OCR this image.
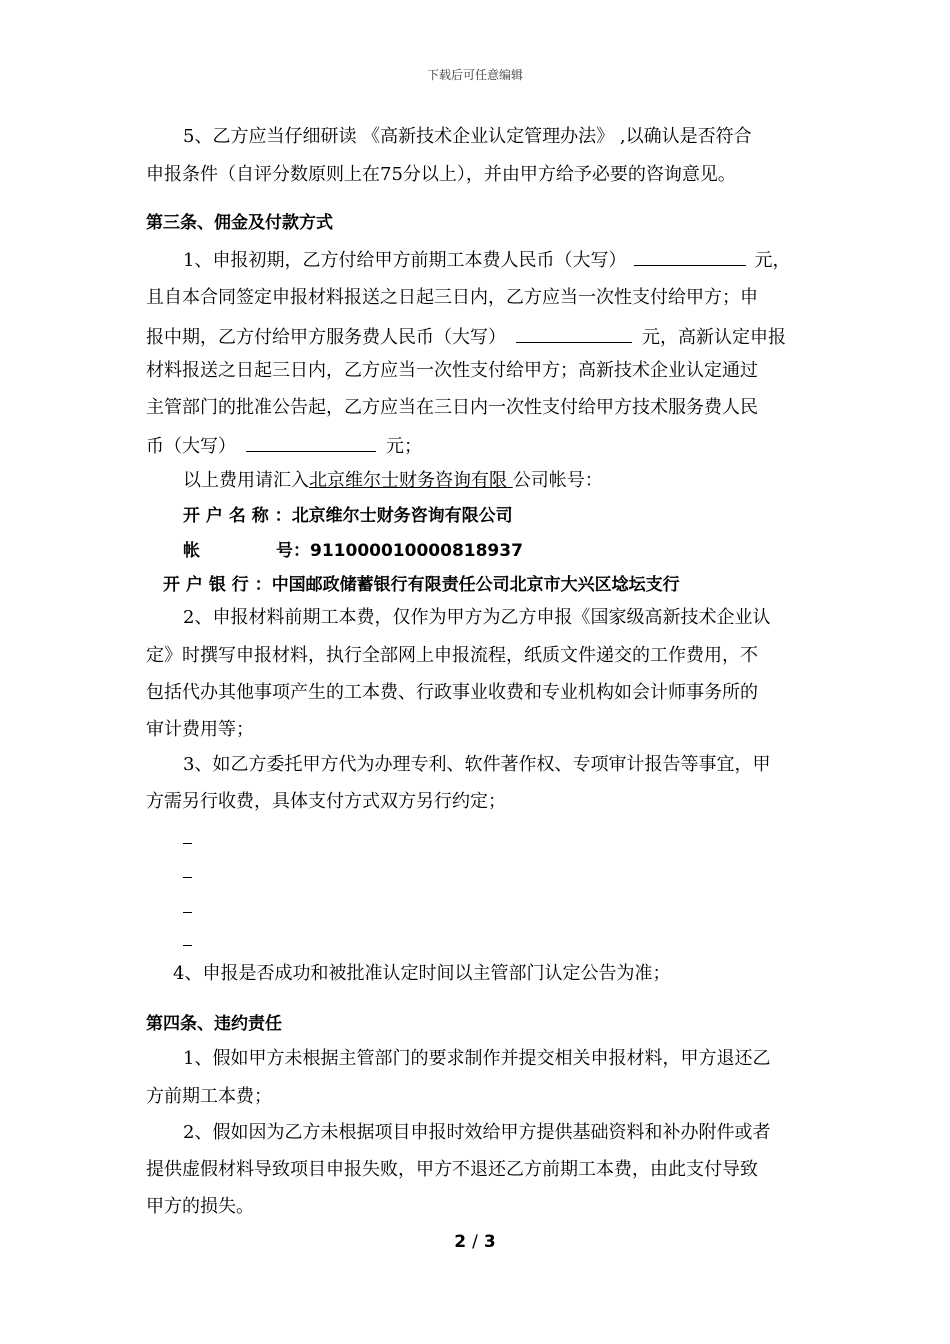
下载后可任意编辑
5、乙方应当仔细研读 《高新技术企业认定管理办法》 ,以确认是否符合
申报条件（自评分数原则上在75分以上），并由甲方给予必要的咨询意见。
第三条、佣金及付款方式
1、申报初期，乙方付给甲方前期工本费人民币（大写）	元，
且自本合同签定申报材料报送之日起三日内，乙方应当一次性支付给甲方；申
报中期，乙方付给甲方服务费人民币（大写）	元，高新认定申报
材料报送之日起三日内，乙方应当一次性支付给甲方；高新技术企业认定通过
主管部门的批准公告起，乙方应当在三日内一次性支付给甲方技术服务费人民
币（大写）	元；
以上费用请汇入北京维尔士财务咨询有限 公司帐号：
开 户 名 称 ：北京维尔士财务咨询有限公司
帐	号：911000010000818937
开 户 银 行 ：中国邮政储蓄银行有限责任公司北京市大兴区埝坛支行
2、申报材料前期工本费，仅作为甲方为乙方申报《国家级高新技术企业认
定》时撰写申报材料，执行全部网上申报流程，纸质文件递交的工作费用，不
包括代办其他事项产生的工本费、行政事业收费和专业机构如会计师事务所的
审计费用等；
3、如乙方委托甲方代为办理专利、软件著作权、专项审计报告等事宜，甲
方需另行收费，具体支付方式双方另行约定；
4、申报是否成功和被批准认定时间以主管部门认定公告为准；
第四条、违约责任
1、假如甲方未根据主管部门的要求制作并提交相关申报材料，甲方退还乙
方前期工本费；
2、假如因为乙方未根据项目申报时效给甲方提供基础资料和补办附件或者
提供虚假材料导致项目申报失败，甲方不退还乙方前期工本费，由此支付导致
甲方的损失。
2 / 3
